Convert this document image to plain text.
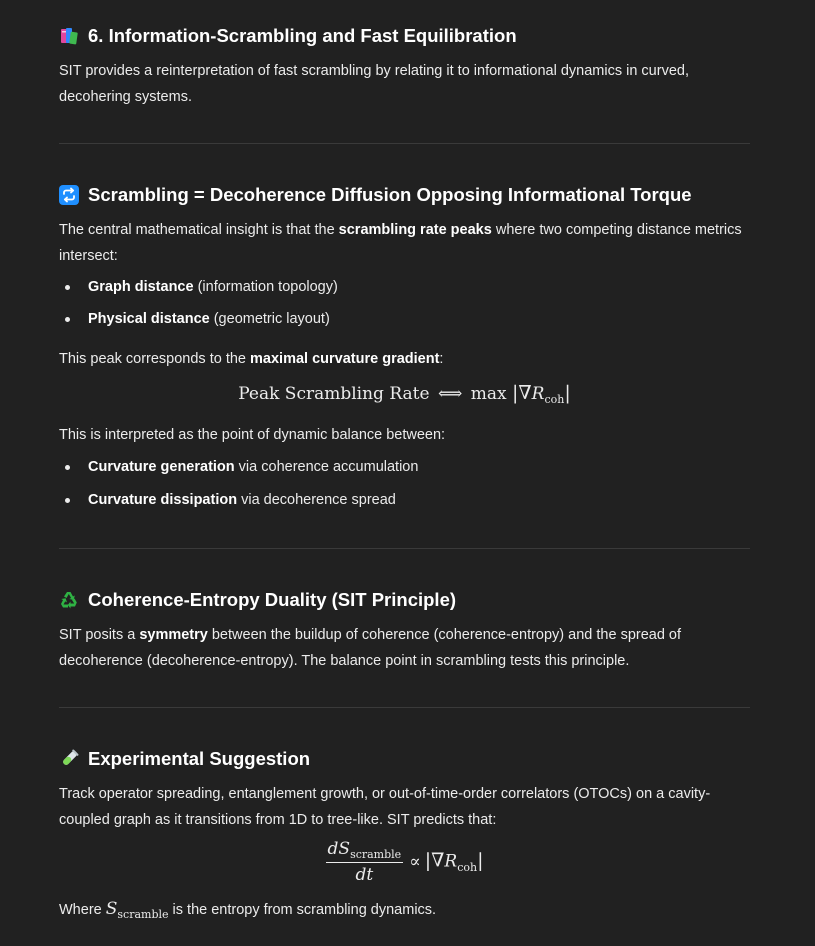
6. Information-Scrambling and Fast Equilibration

SIT provides a reinterpretation of fast scrambling by relating it to informational dynamics in curved, decohering systems.

Scrambling = Decoherence Diffusion Opposing Informational Torque

The central mathematical insight is that the scrambling rate peaks where two competing distance metrics intersect:

Graph distance (information topology)
Physical distance (geometric layout)

This peak corresponds to the maximal curvature gradient:

Peak Scrambling Rate ⟺ $\max |\nabla R_{coh}|$

This is interpreted as the point of dynamic balance between:

Curvature generation via coherence accumulation
Curvature dissipation via decoherence spread
Coherence-Entropy Duality (SIT Principle)

SIT posits a symmetry between the buildup of coherence (coherence-entropy) and the spread of decoherence (decoherence-entropy). The balance point in scrambling tests this principle.

Experimental Suggestion

Track operator spreading, entanglement growth, or out-of-time-order correlators (OTOCs) on a cavity-coupled graph as it transitions from 1D to tree-like. SIT predicts that:

$\frac{dS_{scramble}}{dt} \propto |\nabla R_{coh}|$

Where $S_{scramble}$ is the entropy from scrambling dynamics.
